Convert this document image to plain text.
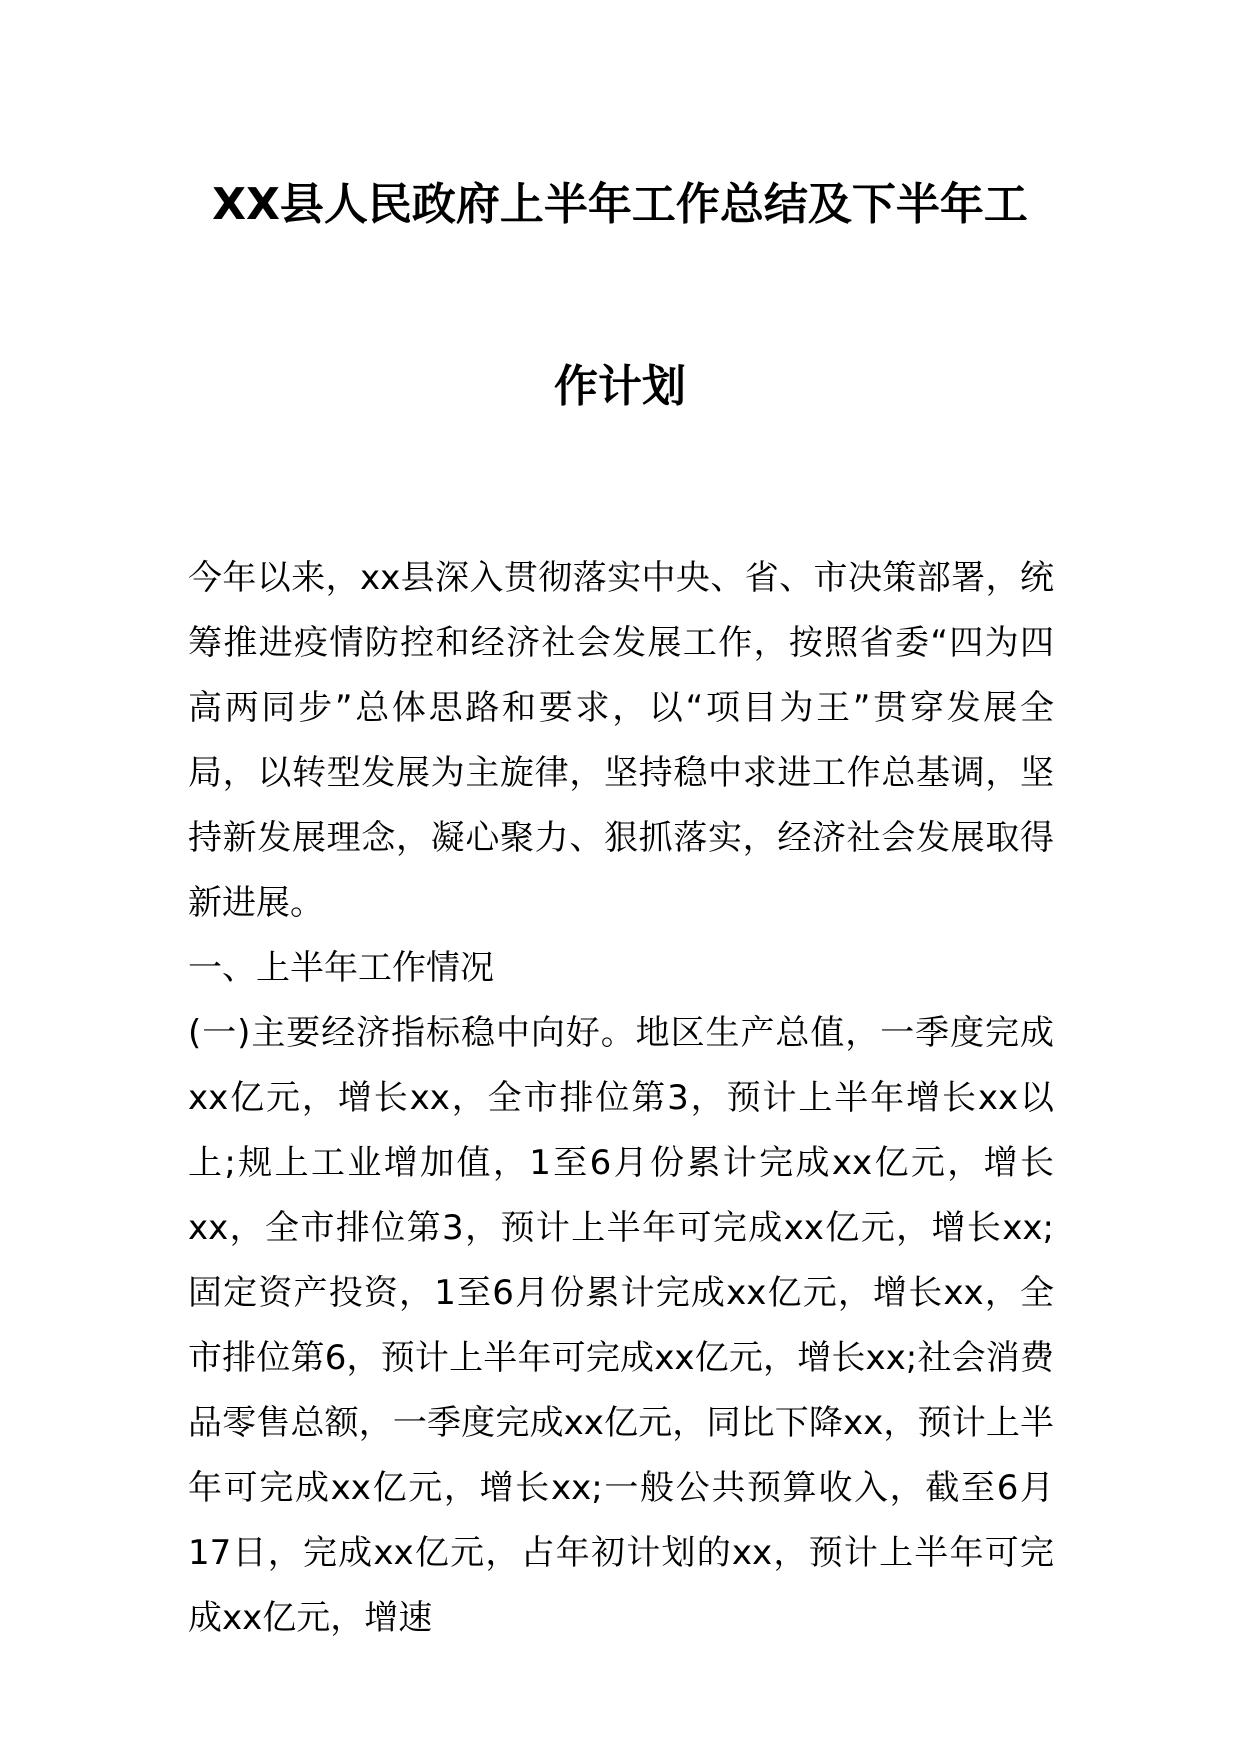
XX县人民政府上半年工作总结及下半年工
作计划

今年以来，xx县深入贯彻落实中央、省、市决策部署，统筹推进疫情防控和经济社会发展工作，按照省委“四为四高两同步”总体思路和要求，以“项目为王”贯穿发展全局，以转型发展为主旋律，坚持稳中求进工作总基调，坚持新发展理念，凝心聚力、狠抓落实，经济社会发展取得新进展。

一、上半年工作情况

(一)主要经济指标稳中向好。地区生产总值，一季度完成xx亿元，增长xx，全市排位第3，预计上半年增长xx以上;规上工业增加值，1至6月份累计完成xx亿元，增长xx，全市排位第3，预计上半年可完成xx亿元，增长xx;固定资产投资，1至6月份累计完成xx亿元，增长xx，全市排位第6，预计上半年可完成xx亿元，增长xx;社会消费品零售总额，一季度完成xx亿元，同比下降xx，预计上半年可完成xx亿元，增长xx;一般公共预算收入，截至6月17日，完成xx亿元，占年初计划的xx，预计上半年可完成xx亿元，增速
